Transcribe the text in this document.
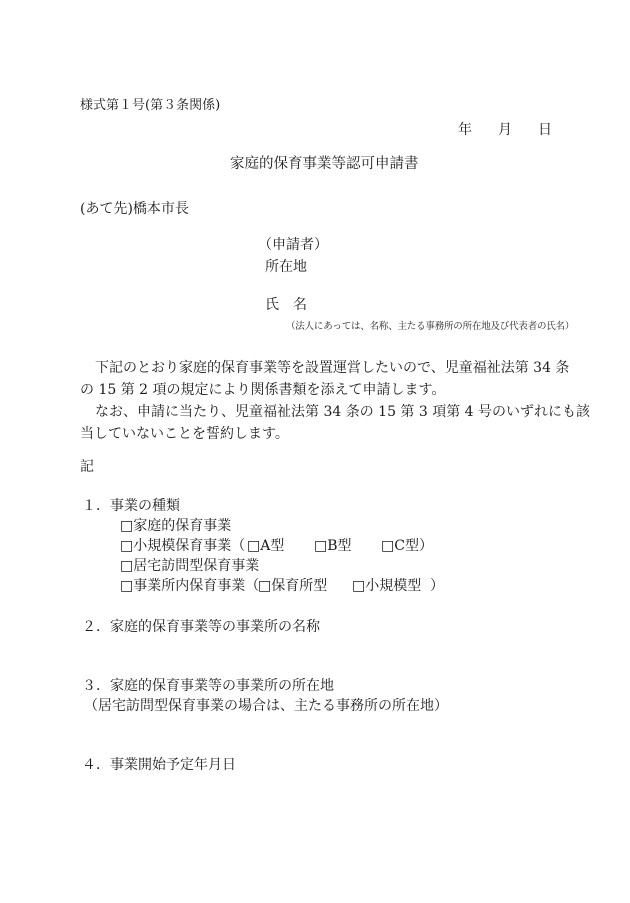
様式第１号(第３条関係)
年 月 日
家庭的保育事業等認可申請書
(あて先)橋本市長
（申請者）
所在地
氏　名
（法人にあっては、名称、主たる事務所の所在地及び代表者の氏名）
下記のとおり家庭的保育事業等を設置運営したいので、児童福祉法第 34 条
の 15 第 2 項の規定により関係書類を添えて申請します。
なお、申請に当たり、児童福祉法第 34 条の 15 第 3 項第 4 号のいずれにも該
当していないことを誓約します。
記
１．事業の種類
□家庭的保育事業
□小規模保育事業（ □A型 □B型 □C型）
□居宅訪問型保育事業
□事業所内保育事業（
□保育所型 □小規模型 ）
２．家庭的保育事業等の事業所の名称
３．家庭的保育事業等の事業所の所在地
（居宅訪問型保育事業の場合は、主たる事務所の所在地）
４．事業開始予定年月日
